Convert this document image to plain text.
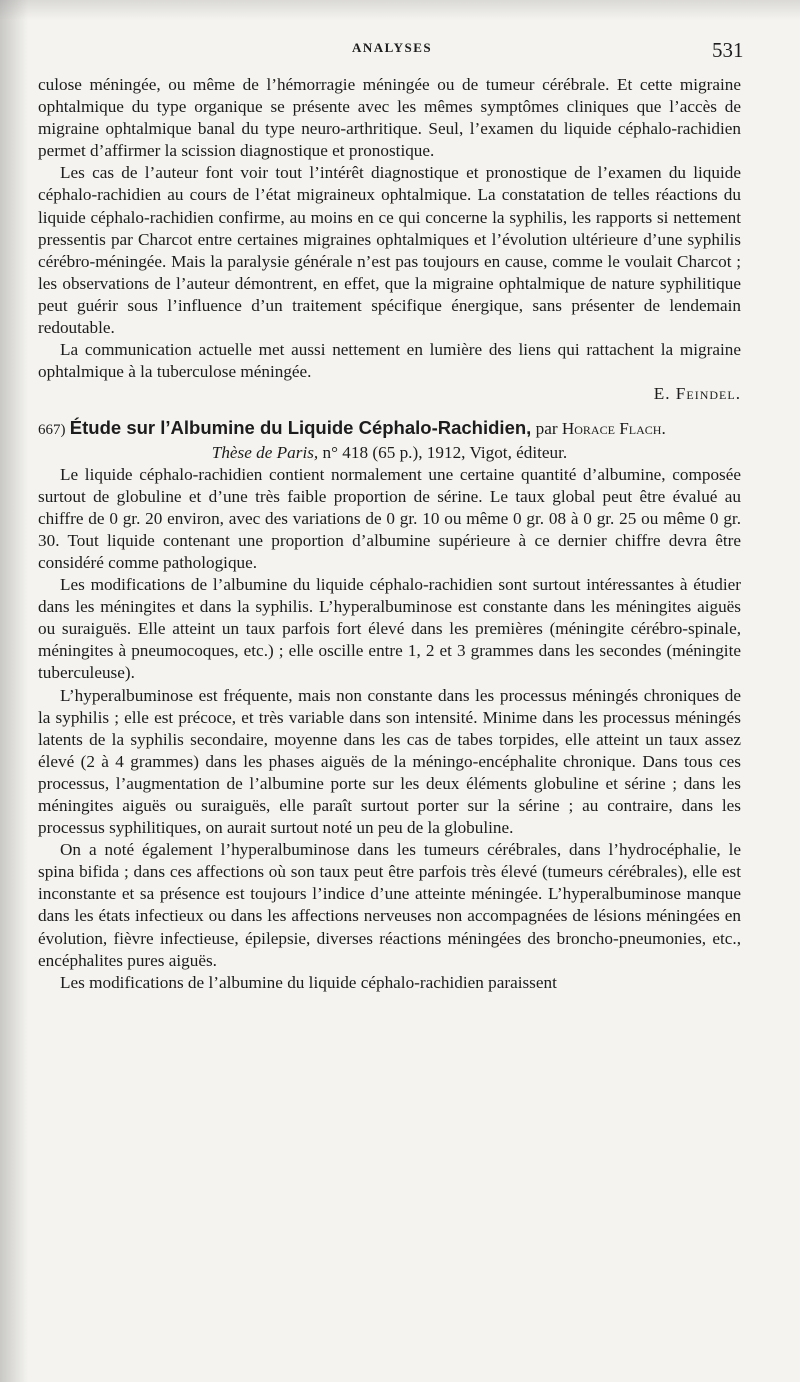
ANALYSES	531

culose méningée, ou même de l’hémorragie méningée ou de tumeur cérébrale. Et cette migraine ophtalmique du type organique se présente avec les mêmes symptômes cliniques que l’accès de migraine ophtalmique banal du type neuro-arthritique. Seul, l’examen du liquide céphalo-rachidien permet d’affirmer la scission diagnostique et pronostique.

Les cas de l’auteur font voir tout l’intérêt diagnostique et pronostique de l’examen du liquide céphalo-rachidien au cours de l’état migraineux ophtalmique. La constatation de telles réactions du liquide céphalo-rachidien confirme, au moins en ce qui concerne la syphilis, les rapports si nettement pressentis par Charcot entre certaines migraines ophtalmiques et l’évolution ultérieure d’une syphilis cérébro-méningée. Mais la paralysie générale n’est pas toujours en cause, comme le voulait Charcot ; les observations de l’auteur démontrent, en effet, que la migraine ophtalmique de nature syphilitique peut guérir sous l’influence d’un traitement spécifique énergique, sans présenter de lendemain redoutable.

La communication actuelle met aussi nettement en lumière des liens qui rattachent la migraine ophtalmique à la tuberculose méningée.

E. Feindel.

667) Étude sur l’Albumine du Liquide Céphalo-Rachidien, par Horace Flach.
Thèse de Paris, n° 418 (65 p.), 1912, Vigot, éditeur.

Le liquide céphalo-rachidien contient normalement une certaine quantité d’albumine, composée surtout de globuline et d’une très faible proportion de sérine. Le taux global peut être évalué au chiffre de 0 gr. 20 environ, avec des variations de 0 gr. 10 ou même 0 gr. 08 à 0 gr. 25 ou même 0 gr. 30. Tout liquide contenant une proportion d’albumine supérieure à ce dernier chiffre devra être considéré comme pathologique.

Les modifications de l’albumine du liquide céphalo-rachidien sont surtout intéressantes à étudier dans les méningites et dans la syphilis. L’hyperalbuminose est constante dans les méningites aiguës ou suraiguës. Elle atteint un taux parfois fort élevé dans les premières (méningite cérébro-spinale, méningites à pneumocoques, etc.) ; elle oscille entre 1, 2 et 3 grammes dans les secondes (méningite tuberculeuse).

L’hyperalbuminose est fréquente, mais non constante dans les processus méningés chroniques de la syphilis ; elle est précoce, et très variable dans son intensité. Minime dans les processus méningés latents de la syphilis secondaire, moyenne dans les cas de tabes torpides, elle atteint un taux assez élevé (2 à 4 grammes) dans les phases aiguës de la méningo-encéphalite chronique. Dans tous ces processus, l’augmentation de l’albumine porte sur les deux éléments globuline et sérine ; dans les méningites aiguës ou suraiguës, elle paraît surtout porter sur la sérine ; au contraire, dans les processus syphilitiques, on aurait surtout noté un peu de la globuline.

On a noté également l’hyperalbuminose dans les tumeurs cérébrales, dans l’hydrocéphalie, le spina bifida ; dans ces affections où son taux peut être parfois très élevé (tumeurs cérébrales), elle est inconstante et sa présence est toujours l’indice d’une atteinte méningée. L’hyperalbuminose manque dans les états infectieux ou dans les affections nerveuses non accompagnées de lésions méningées en évolution, fièvre infectieuse, épilepsie, diverses réactions méningées des broncho-pneumonies, etc., encéphalites pures aiguës.

Les modifications de l’albumine du liquide céphalo-rachidien paraissent
